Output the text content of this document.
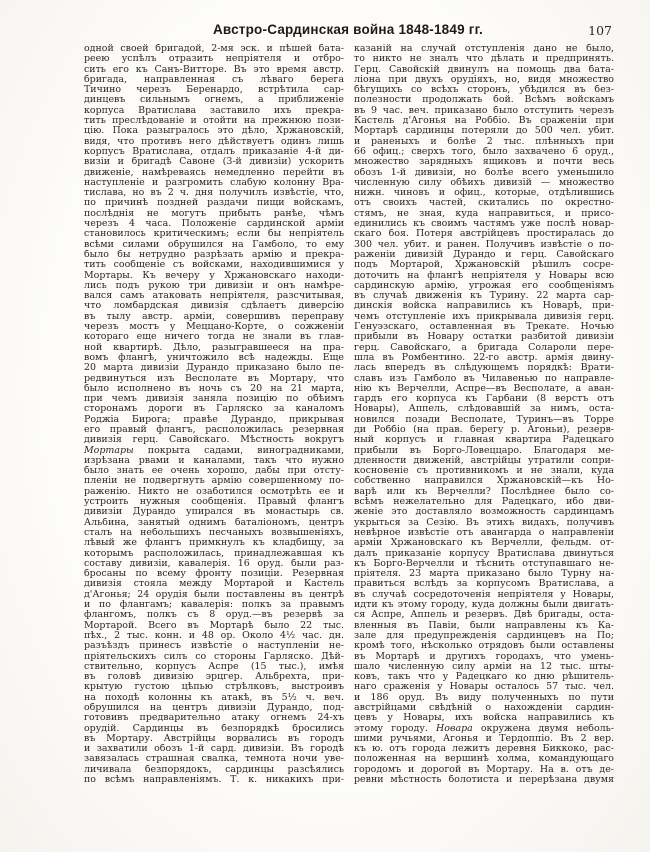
Австро-Сардинская война 1848-1849 гг.	107
одной своей бригадой, 2-мя эск. и пѣшей бата-
реею успѣлъ отразить непріятеля и отбро-
сить его къ Санъ-Витторе. Въ это время австр.
бригада, направленная съ лѣваго берега
Тичино черезъ Беренардо, встрѣтила сар-
динцевъ сильнымъ огнемъ, а приближеніе
корпуса Вратислава заставило ихъ прекра-
тить преслѣдованіе и отойти на прежнюю пози-
цію. Пока разыгралось это дѣло, Хржановскій,
видя, что противъ него дѣйствуетъ одинъ лишь
корпусъ Вратислава, отдалъ приказаніе 4-й ди-
визіи и бригадѣ Савоне (3-й дивизіи) ускорить
движеніе, намѣреваясь немедленно перейти въ
наступленіе и разгромить слабую колонну Вра-
тислава, но въ 2 ч. дня получилъ извѣстіе, что,
по причинѣ поздней раздачи пищи войскамъ,
послѣднія не могутъ прибыть ранѣе, чѣмъ
черезъ 4 часа. Положеніе сардинской арміи
становилось критическимъ; если бы непріятель
всѣми силами обрушился на Гамболо, то ему
было бы нетрудно разрѣзать армію и прекра-
тить сообщеніе съ войсками, находившимися у
Мортары. Къ вечеру у Хржановскаго находи-
лись подъ рукою три дивизіи и онъ намѣре-
вался самъ атаковать непріятеля, разсчитывая,
что ломбардская дивизія сдѣлаетъ диверсію
въ тылу австр. арміи, совершивъ переправу
черезъ мостъ у Меццано-Корте, о сожженіи
котораго еще ничего тогда не знали въ глав-
ной квартирѣ. Дѣло, разыгравшееся на пра-
вомъ флангѣ, уничтожило всѣ надежды. Еще
20 марта дивизіи Дурандо приказано было пе-
редвинуться изъ Весполате въ Мортару, что
было исполнено въ ночь съ 20 на 21 марта,
при чемъ дивизія заняла позицію по обѣимъ
сторонамъ дороги въ Гарляско за каналомъ
Роджіа Бирога; правѣе Дурандо, прикрывая
его правый флангъ, расположилась резервная
дивизія герц. Савойскаго. Мѣстность вокругъ
Мортары покрыта садами, виноградниками,
изрѣзана рвами и каналами, такъ что нужно
было знать ее очень хорошо, дабы при отсту-
пленіи не подвергнуть армію совершенному по-
раженію. Никто не озаботился осмотрѣть ее и
устроить нужныя сообщенія. Правый флангъ
дивизіи Дурандо упирался въ монастырь св.
Альбина, занятый однимъ баталіономъ, центръ
сталъ на небольшихъ песчаныхъ возвышеніяхъ,
лѣвый же флангъ примкнулъ къ кладбищу, за
которымъ расположилась, принадлежавшая къ
составу дивизіи, кавалерія. 16 оруд. были раз-
бросаны по всему фронту позиціи. Резервная
дивизія стояла между Мортарой и Кастель
д'Агонья; 24 орудія были поставлены въ центрѣ
и по флангамъ; кавалерія: полкъ за правымъ
флангомъ, полкъ съ 8 оруд.—въ резервѣ за
Мортарой. Всего въ Мортарѣ было 22 тыс.
пѣх., 2 тыс. конн. и 48 ор. Около 4½ час. дн.
разъѣздъ принесъ извѣстіе о наступленіи не-
пріятельскихъ силъ со стороны Гарляско. Дѣй-
ствительно, корпусъ Аспре (15 тыс.), имѣя
въ головѣ дивизію эрцгер. Альбрехта, при-
крытую густою цѣпью стрѣлковъ, выстроивъ
на походѣ колонны къ атакѣ, въ 5½ ч. веч.
обрушился на центръ дивизіи Дурандо, под-
готовивъ предварительно атаку огнемъ 24-хъ
орудій. Сардинцы въ безпорядкѣ бросились
въ Мортару. Австрійцы ворвались въ городъ
и захватили обозъ 1-й сард. дивизіи. Въ городѣ
завязалась страшная свалка, темнота ночи уве-
личивала безпорядокъ, сардинцы разсѣялись
по всѣмъ направленіямъ. Т. к. никакихъ при-
казаній на случай отступленія дано не было,
то никто не зналъ что дѣлать и предпринять.
Герц. Савойскій двинулъ на помощь два бата-
ліона при двухъ орудіяхъ, но, видя множество
бѣгущихъ со всѣхъ сторонъ, убѣдился въ без-
полезности продолжать бой. Всѣмъ войскамъ
въ 9 час. веч. приказано было отступить черезъ
Кастель д'Агонья на Роббіо. Въ сраженіи при
Мортарѣ сардинцы потеряли до 500 чел. убит.
и раненыхъ и болѣе 2 тыс. плѣнныхъ при
66 офиц.; сверхъ того, было захвачено 6 оруд.,
множество зарядныхъ ящиковъ и почти весь
обозъ 1-й дивизіи, но болѣе всего уменьшило
численную силу обѣихъ дивизій — множество
нижн. чиновъ и офиц., которые, отдѣлившись
отъ своихъ частей, скитались по окрестно-
стямъ, не зная, куда направиться, и присо-
единились къ своимъ частямъ уже послѣ новар-
скаго боя. Потеря австрійцевъ простиралась до
300 чел. убит. и ранен. Получивъ извѣстіе о по-
раженіи дивизій Дурандо и герц. Савойскаго
подъ Мортарой, Хржановскій рѣшилъ сосре-
доточить на флангѣ непріятеля у Новары всю
сардинскую армію, угрожая его сообщеніямъ
въ случаѣ движенія къ Турину. 22 марта сар-
динскія войска направились къ Новарѣ, при-
чемъ отступленіе ихъ прикрывала дивизія герц.
Генуэзскаго, оставленная въ Трекате. Ночью
прибыли въ Новару остатки разбитой дивизіи
герц. Савойскаго, а бригада Солароли пере-
шла въ Ромбентино. 22-го австр. армія двину-
лась впередъ въ слѣдующемъ порядкѣ: Врати-
славъ изъ Гамболо въ Чилавенью по направле-
нію къ Верчелли, Аспре—въ Весполате, а аван-
гардъ его корпуса къ Гарбани (8 верстъ отъ
Новары), Аппель, слѣдовавшій за нимъ, оста-
новился позади Весполате, Туринъ—въ Торре
ди Роббіо (на прав. берегу р. Агоньи), резерв-
ный корпусъ и главная квартира Радецкаго
прибыли въ Борго-Ловеццаро. Благодаря ме-
дленности движеній, австрійцы утратили сопри-
косновеніе съ противникомъ и не знали, куда
собственно направился Хржановскій—къ Но-
варѣ или къ Верчелли? Послѣднее было со-
всѣмъ нежелательно для Радецкаго, ибо дви-
женіе это доставляло возможность сардинцамъ
укрыться за Сезію. Въ этихъ видахъ, получивъ
невѣрное извѣстіе отъ авангарда о направленіи
арміи Хржановскаго къ Верчелли, фельдм. от-
далъ приказаніе корпусу Вратислава двинуться
къ Борго-Верчелли и тѣснить отступавшаго не-
пріятеля. 23 марта приказано было Турну на-
правиться вслѣдъ за корпусомъ Вратислава, а
въ случаѣ сосредоточенія непріятеля у Новары,
идти къ этому городу, куда должны были двигать-
ся Аспре, Аппель и резервъ. Двѣ бригады, оста-
вленныя въ Павіи, были направлены къ Ка-
зале для предупрежденія сардинцевъ на По;
кромѣ того, нѣсколько отрядовъ были оставлены
въ Мортарѣ и другихъ городахъ, что умень-
шало численную силу арміи на 12 тыс. шты-
ковъ, такъ что у Радецкаго ко дню рѣшитель-
наго сраженія у Новары осталось 57 тыс. чел.
и 186 оруд. Въ виду полученныхъ по пути
австрійцами свѣдѣній о нахожденіи сардин-
цевъ у Новары, ихъ войска направились къ
этому городу. Новара окружена двумя неболь-
шими ручьями, Агонья и Тердоппіо. Въ 2 вер.
къ ю. отъ города лежитъ деревня Биккоко, рас-
положенная на вершинѣ холма, командующаго
городомъ и дорогой въ Мортару. На в. отъ де-
ревни мѣстность болотиста и перерѣзана двумя
